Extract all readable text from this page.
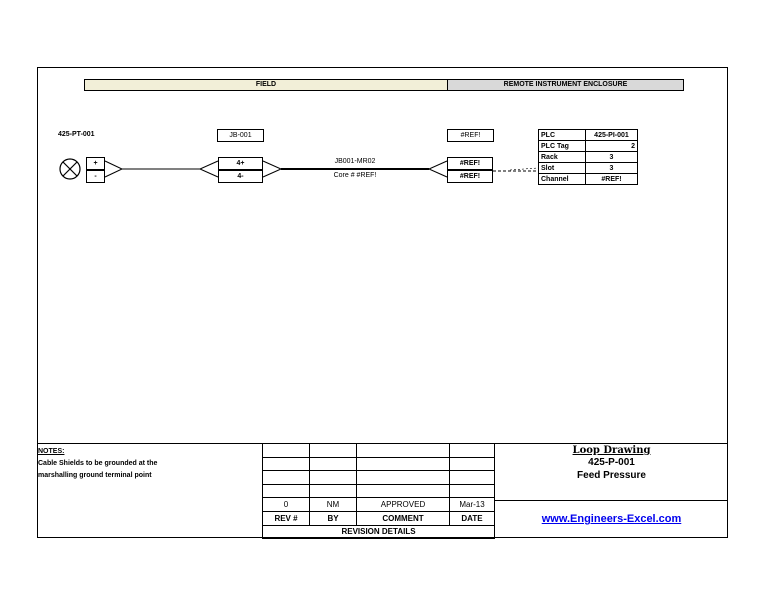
FIELD	REMOTE INSTRUMENT ENCLOSURE
425-PT-001
+
-
JB-001
4+
4-
JB001-MR02
Core # #REF!
#REF!
#REF!
#REF!
PLC	425-PI-001
PLC Tag	2
Rack	3
Slot	3
Channel	#REF!
NOTES:
Cable Shields to be grounded at the
marshalling ground terminal point

0	NM	APPROVED	Mar-13
REV #	BY	COMMENT	DATE
REVISION DETAILS			
Loop Drawing
425-P-001
Feed Pressure
www.Engineers-Excel.com
